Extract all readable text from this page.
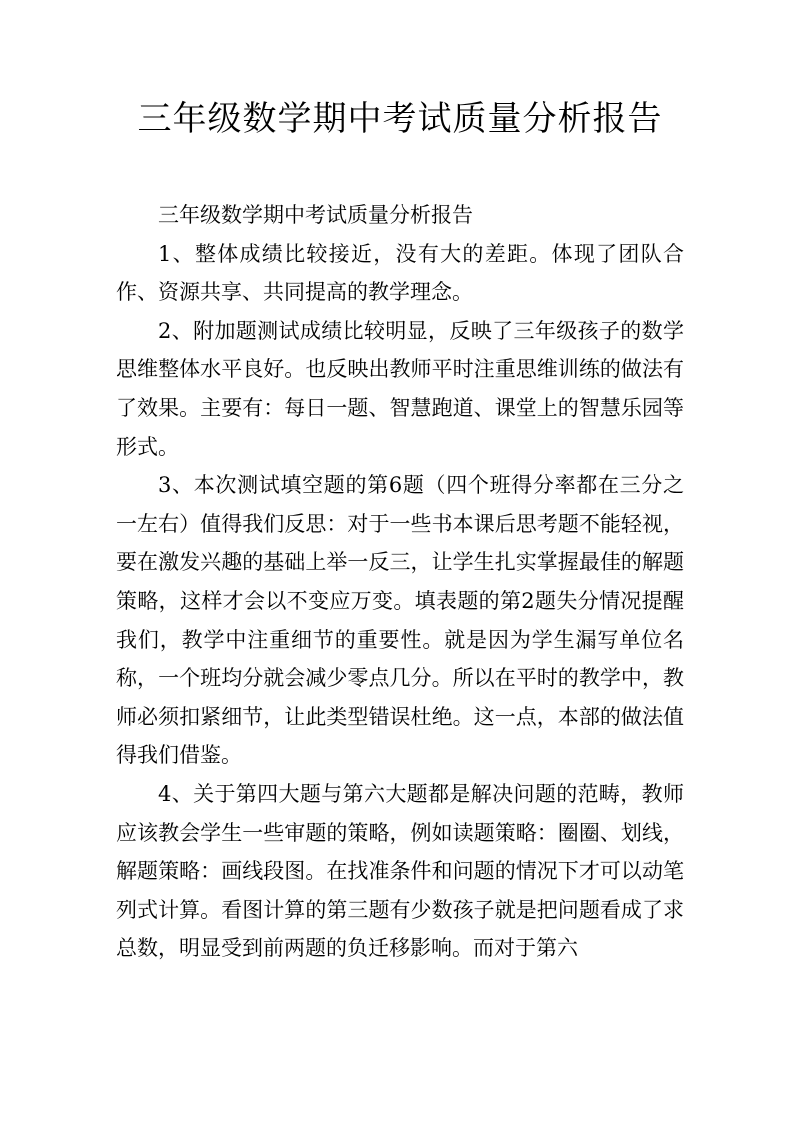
三年级数学期中考试质量分析报告

三年级数学期中考试质量分析报告

1、整体成绩比较接近，没有大的差距。体现了团队合作、资源共享、共同提高的教学理念。

2、附加题测试成绩比较明显，反映了三年级孩子的数学思维整体水平良好。也反映出教师平时注重思维训练的做法有了效果。主要有：每日一题、智慧跑道、课堂上的智慧乐园等形式。

3、本次测试填空题的第6题（四个班得分率都在三分之一左右）值得我们反思：对于一些书本课后思考题不能轻视，要在激发兴趣的基础上举一反三，让学生扎实掌握最佳的解题策略，这样才会以不变应万变。填表题的第2题失分情况提醒我们，教学中注重细节的重要性。就是因为学生漏写单位名称，一个班均分就会减少零点几分。所以在平时的教学中，教师必须扣紧细节，让此类型错误杜绝。这一点，本部的做法值得我们借鉴。

4、关于第四大题与第六大题都是解决问题的范畴，教师应该教会学生一些审题的策略，例如读题策略：圈圈、划线，解题策略：画线段图。在找准条件和问题的情况下才可以动笔列式计算。看图计算的第三题有少数孩子就是把问题看成了求总数，明显受到前两题的负迁移影响。而对于第六
